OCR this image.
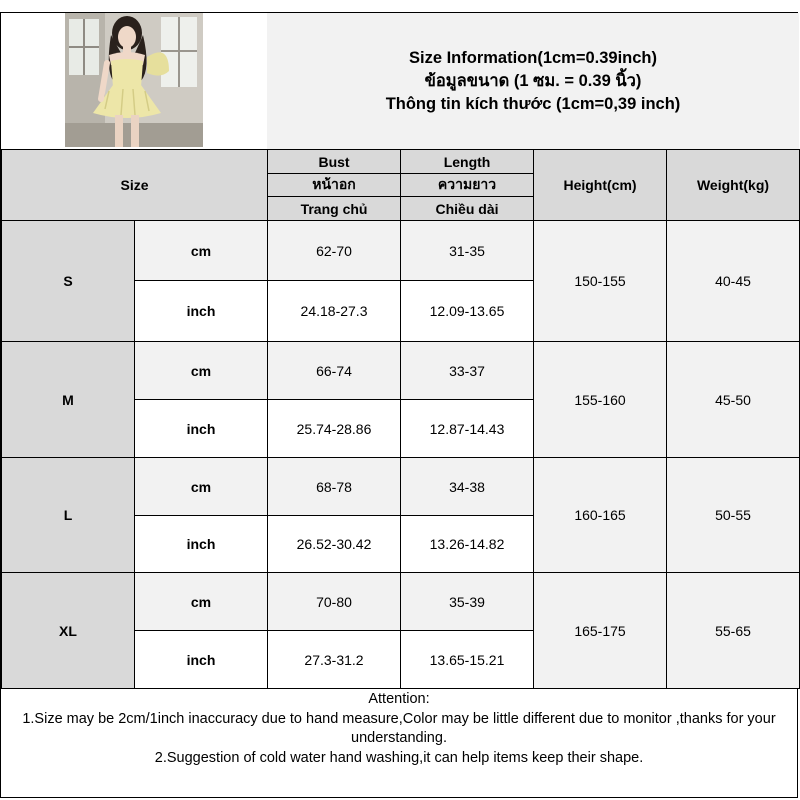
Size Information(1cm=0.39inch)
ข้อมูลขนาด (1 ซม. = 0.39 นิ้ว)
Thông tin kích thước (1cm=0,39 inch)
Size		Bust	Length	Height(cm)	Weight(kg)
		หน้าอก	ความยาว		
		Trang chủ	Chiều dài		
S	cm	62-70	31-35	150-155	40-45
	inch	24.18-27.3	12.09-13.65		
M	cm	66-74	33-37	155-160	45-50
	inch	25.74-28.86	12.87-14.43		
L	cm	68-78	34-38	160-165	50-55
	inch	26.52-30.42	13.26-14.82		
XL	cm	70-80	35-39	165-175	55-65
	inch	27.3-31.2	13.65-15.21		
Attention:
1.Size may be 2cm/1inch inaccuracy due to hand measure,Color may be little different due to monitor ,thanks for your understanding.
2.Suggestion of cold water hand washing,it can help items keep their shape.
